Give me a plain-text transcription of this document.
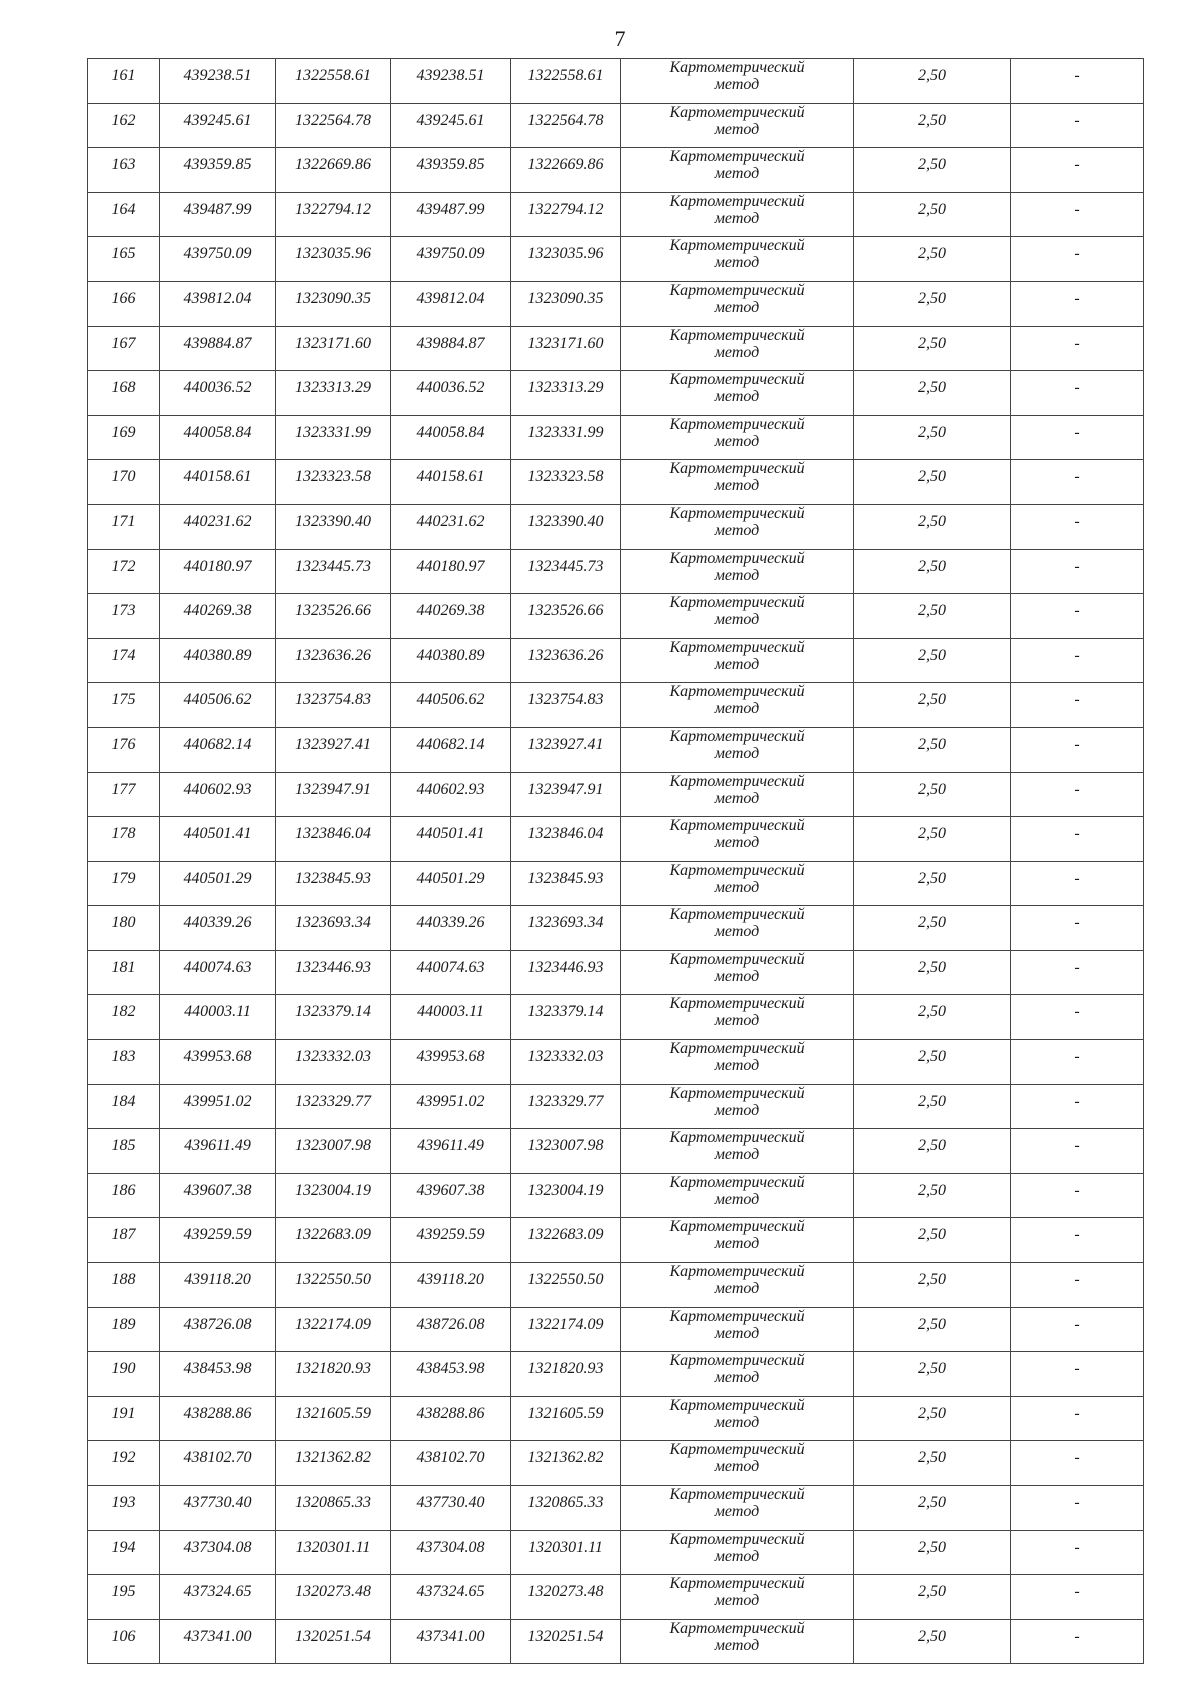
7
161	439238.51	1322558.61	439238.51	1322558.61	Картометрический
метод	2,50	-

162	439245.61	1322564.78	439245.61	1322564.78	Картометрический
метод	2,50	-

163	439359.85	1322669.86	439359.85	1322669.86	Картометрический
метод	2,50	-

164	439487.99	1322794.12	439487.99	1322794.12	Картометрический
метод	2,50	-

165	439750.09	1323035.96	439750.09	1323035.96	Картометрический
метод	2,50	-

166	439812.04	1323090.35	439812.04	1323090.35	Картометрический
метод	2,50	-

167	439884.87	1323171.60	439884.87	1323171.60	Картометрический
метод	2,50	-

168	440036.52	1323313.29	440036.52	1323313.29	Картометрический
метод	2,50	-

169	440058.84	1323331.99	440058.84	1323331.99	Картометрический
метод	2,50	-

170	440158.61	1323323.58	440158.61	1323323.58	Картометрический
метод	2,50	-

171	440231.62	1323390.40	440231.62	1323390.40	Картометрический
метод	2,50	-

172	440180.97	1323445.73	440180.97	1323445.73	Картометрический
метод	2,50	-

173	440269.38	1323526.66	440269.38	1323526.66	Картометрический
метод	2,50	-

174	440380.89	1323636.26	440380.89	1323636.26	Картометрический
метод	2,50	-

175	440506.62	1323754.83	440506.62	1323754.83	Картометрический
метод	2,50	-

176	440682.14	1323927.41	440682.14	1323927.41	Картометрический
метод	2,50	-

177	440602.93	1323947.91	440602.93	1323947.91	Картометрический
метод	2,50	-

178	440501.41	1323846.04	440501.41	1323846.04	Картометрический
метод	2,50	-

179	440501.29	1323845.93	440501.29	1323845.93	Картометрический
метод	2,50	-

180	440339.26	1323693.34	440339.26	1323693.34	Картометрический
метод	2,50	-

181	440074.63	1323446.93	440074.63	1323446.93	Картометрический
метод	2,50	-

182	440003.11	1323379.14	440003.11	1323379.14	Картометрический
метод	2,50	-

183	439953.68	1323332.03	439953.68	1323332.03	Картометрический
метод	2,50	-

184	439951.02	1323329.77	439951.02	1323329.77	Картометрический
метод	2,50	-

185	439611.49	1323007.98	439611.49	1323007.98	Картометрический
метод	2,50	-

186	439607.38	1323004.19	439607.38	1323004.19	Картометрический
метод	2,50	-

187	439259.59	1322683.09	439259.59	1322683.09	Картометрический
метод	2,50	-

188	439118.20	1322550.50	439118.20	1322550.50	Картометрический
метод	2,50	-

189	438726.08	1322174.09	438726.08	1322174.09	Картометрический
метод	2,50	-

190	438453.98	1321820.93	438453.98	1321820.93	Картометрический
метод	2,50	-

191	438288.86	1321605.59	438288.86	1321605.59	Картометрический
метод	2,50	-

192	438102.70	1321362.82	438102.70	1321362.82	Картометрический
метод	2,50	-

193	437730.40	1320865.33	437730.40	1320865.33	Картометрический
метод	2,50	-

194	437304.08	1320301.11	437304.08	1320301.11	Картометрический
метод	2,50	-

195	437324.65	1320273.48	437324.65	1320273.48	Картометрический
метод	2,50	-

106	437341.00	1320251.54	437341.00	1320251.54	Картометрический
метод	2,50	-
